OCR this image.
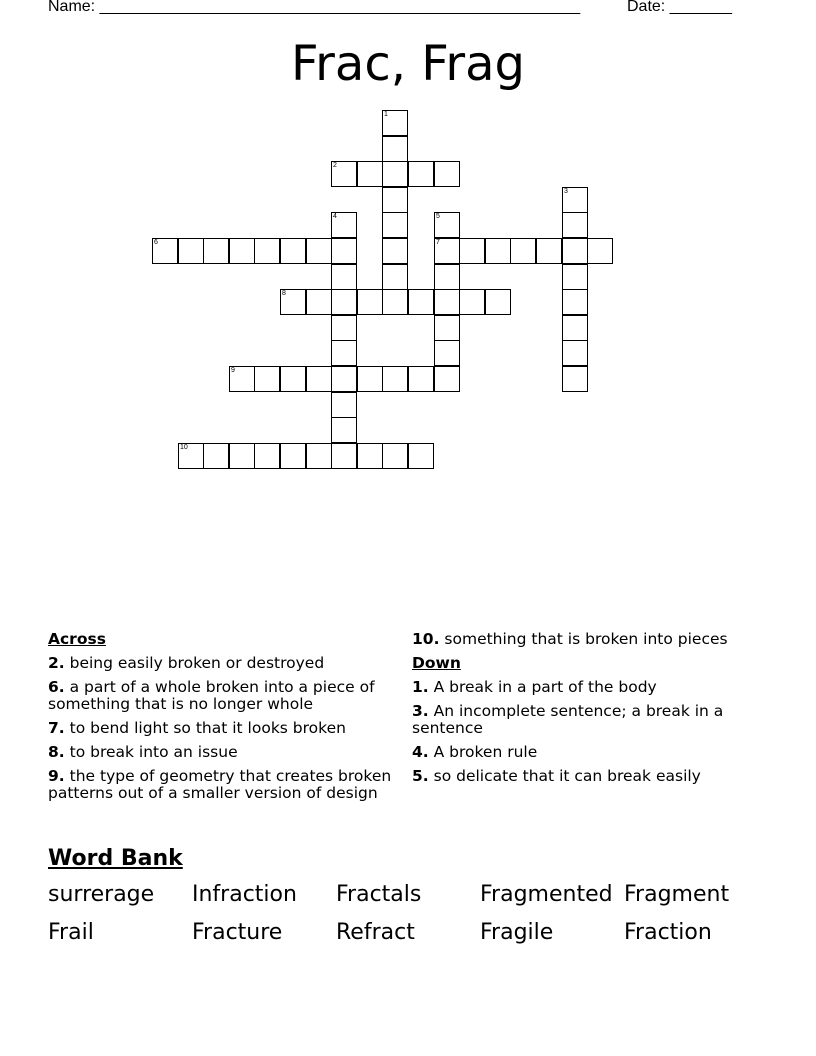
Name: ______________________________________________________	Date: _______
Frac, Frag
1
2
3
4	5
7
6
8
9
10
Across
2. being easily broken or destroyed
6. a part of a whole broken into a piece of something that is no longer whole
7. to bend light so that it looks broken
8. to break into an issue
9. the type of geometry that creates broken patterns out of a smaller version of design
10. something that is broken into pieces
Down
1. A break in a part of the body
3. An incomplete sentence; a break in a sentence
4. A broken rule
5. so delicate that it can break easily
Word Bank
surrerage	Infraction	Fractals	Fragmented Fragment
Frail	Fracture	Refract	Fragile	Fraction
